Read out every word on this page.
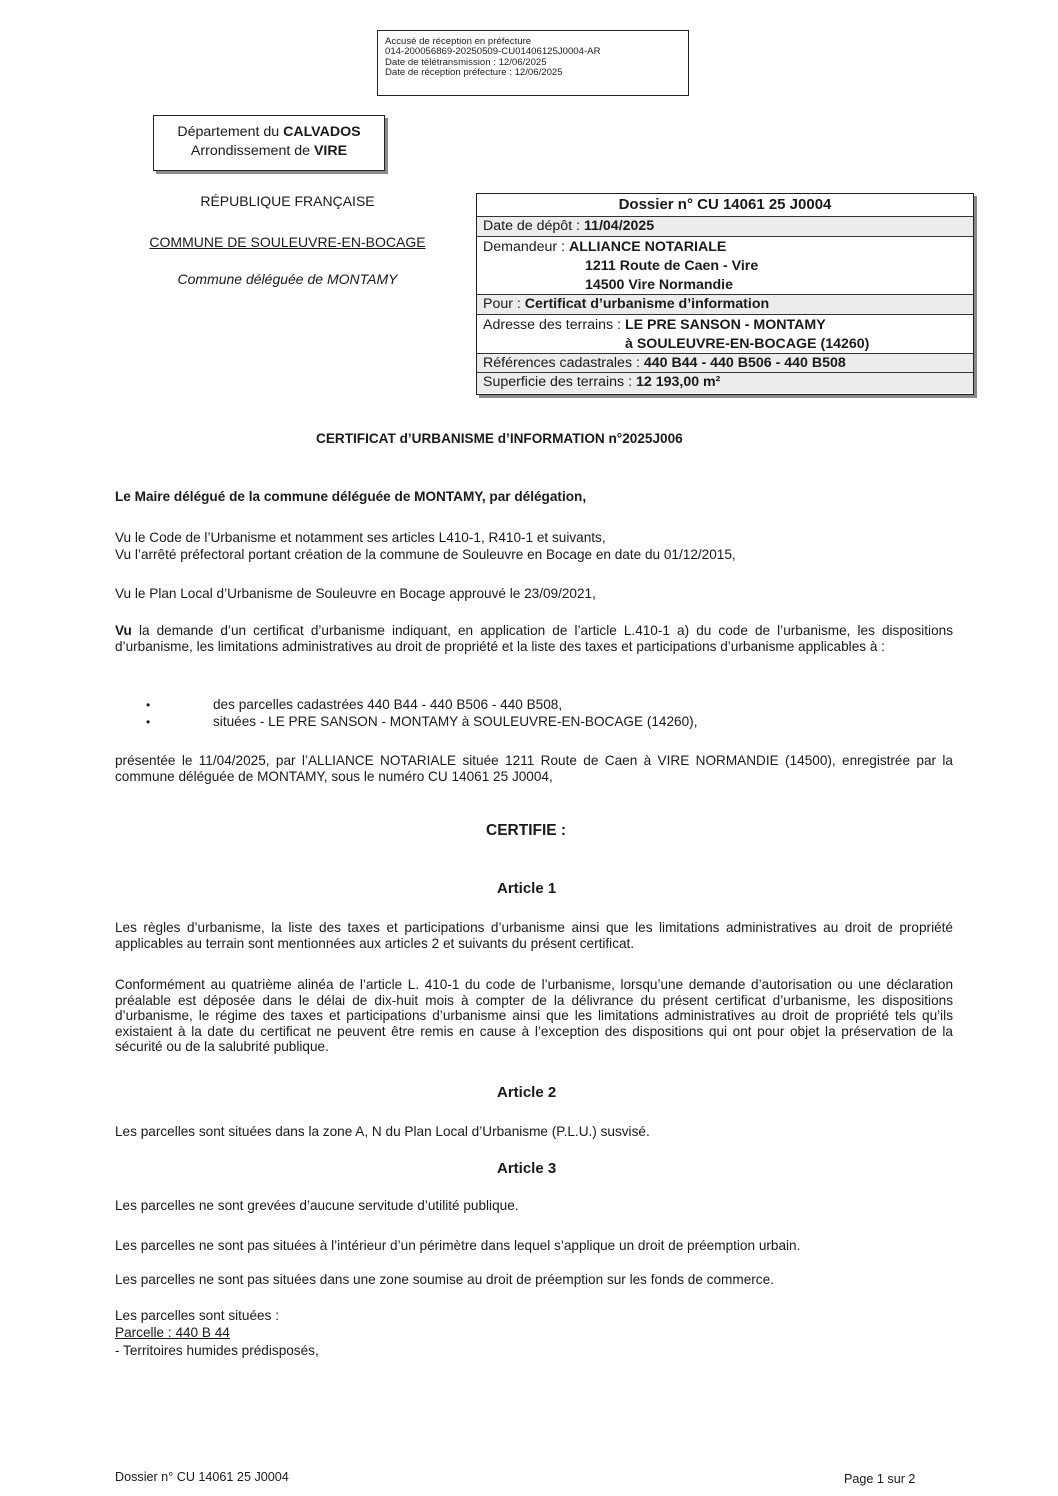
Accusé de réception en préfecture
014-200056869-20250509-CU01406125J0004-AR
Date de télétransmission : 12/06/2025
Date de réception préfecture : 12/06/2025
Département du CALVADOS
Arrondissement de VIRE
RÉPUBLIQUE FRANÇAISE
COMMUNE DE SOULEUVRE-EN-BOCAGE
Commune déléguée de MONTAMY
Dossier n° CU 14061 25 J0004
Date de dépôt : 11/04/2025
Demandeur : ALLIANCE NOTARIALE
1211 Route de Caen - Vire
14500 Vire Normandie
Pour : Certificat d’urbanisme d’information
Adresse des terrains : LE PRE SANSON - MONTAMY
à SOULEUVRE-EN-BOCAGE (14260)
Références cadastrales : 440 B44 - 440 B506 - 440 B508
Superficie des terrains : 12 193,00 m²
CERTIFICAT d’URBANISME d’INFORMATION n°2025J006
Le Maire délégué de la commune déléguée de MONTAMY, par délégation,
Vu le Code de l’Urbanisme et notamment ses articles L410-1, R410-1 et suivants,
Vu l’arrêté préfectoral portant création de la commune de Souleuvre en Bocage en date du 01/12/2015,
Vu le Plan Local d’Urbanisme de Souleuvre en Bocage approuvé le 23/09/2021,
Vu la demande d’un certificat d’urbanisme indiquant, en application de l’article L.410-1 a) du code de l’urbanisme, les dispositions d’urbanisme, les limitations administratives au droit de propriété et la liste des taxes et participations d’urbanisme applicables à :
•	des parcelles cadastrées 440 B44 - 440 B506 - 440 B508,
•	situées - LE PRE SANSON - MONTAMY à SOULEUVRE-EN-BOCAGE (14260),
présentée le 11/04/2025, par l’ALLIANCE NOTARIALE située 1211 Route de Caen à VIRE NORMANDIE (14500), enregistrée par la commune déléguée de MONTAMY, sous le numéro CU 14061 25 J0004,
CERTIFIE :
Article 1
Les règles d’urbanisme, la liste des taxes et participations d’urbanisme ainsi que les limitations administratives au droit de propriété applicables au terrain sont mentionnées aux articles 2 et suivants du présent certificat.
Conformément au quatrième alinéa de l’article L. 410-1 du code de l’urbanisme, lorsqu’une demande d’autorisation ou une déclaration préalable est déposée dans le délai de dix-huit mois à compter de la délivrance du présent certificat d’urbanisme, les dispositions d’urbanisme, le régime des taxes et participations d’urbanisme ainsi que les limitations administratives au droit de propriété tels qu’ils existaient à la date du certificat ne peuvent être remis en cause à l’exception des dispositions qui ont pour objet la préservation de la sécurité ou de la salubrité publique.
Article 2
Les parcelles sont situées dans la zone A, N du Plan Local d’Urbanisme (P.L.U.) susvisé.
Article 3
Les parcelles ne sont grevées d’aucune servitude d’utilité publique.
Les parcelles ne sont pas situées à l’intérieur d’un périmètre dans lequel s’applique un droit de préemption urbain.
Les parcelles ne sont pas situées dans une zone soumise au droit de préemption sur les fonds de commerce.
Les parcelles sont situées :
Parcelle : 440 B 44
- Territoires humides prédisposés,
Dossier n° CU 14061 25 J0004	Page 1 sur 2
